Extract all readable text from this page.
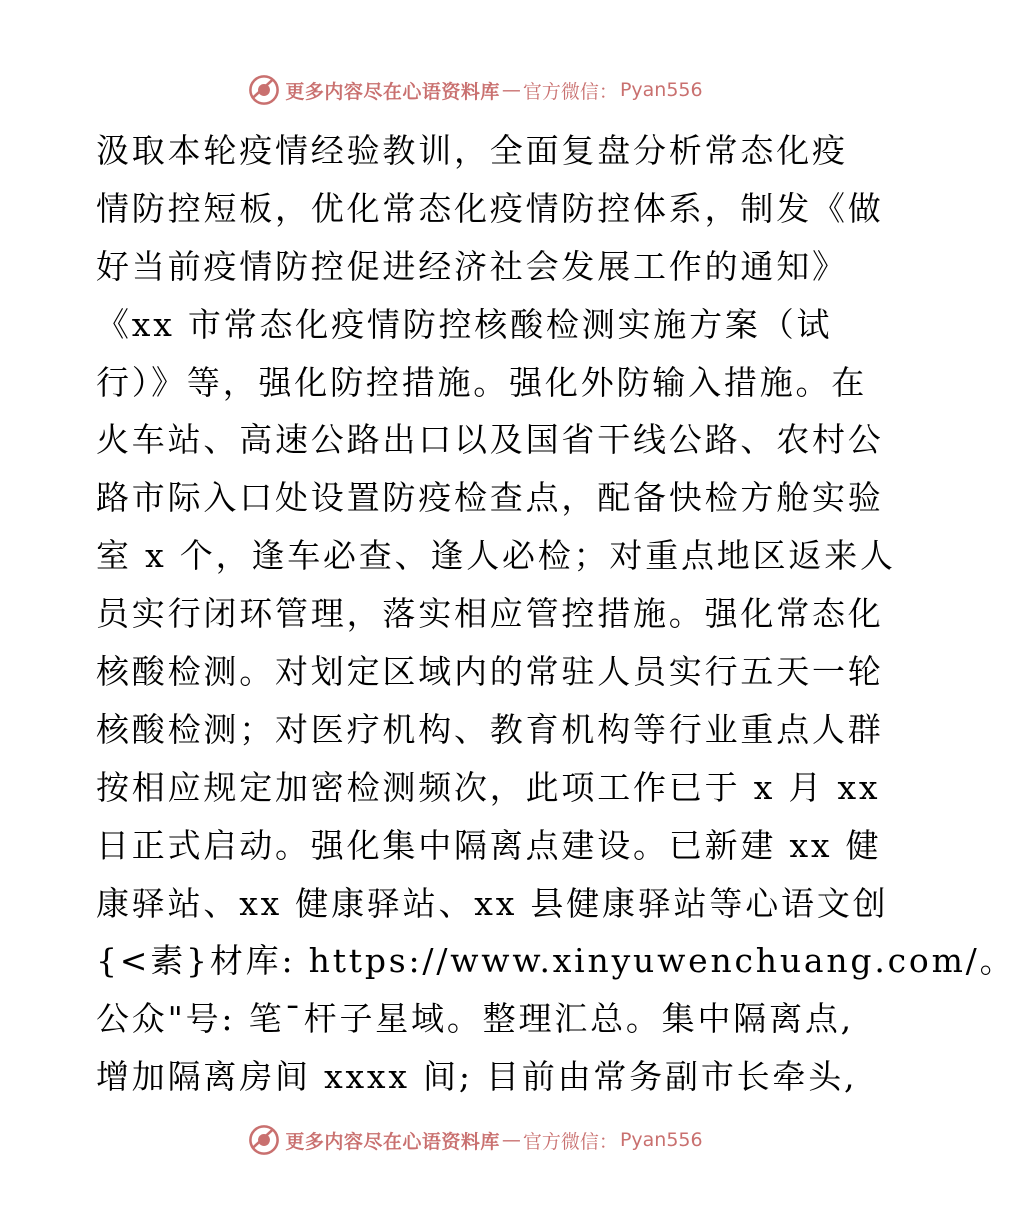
更多内容尽在心语资料库 — 官方微信： Pyan556
汲取本轮疫情经验教训，全面复盘分析常态化疫
情防控短板，优化常态化疫情防控体系，制发《做
好当前疫情防控促进经济社会发展工作的通知》
《xx 市常态化疫情防控核酸检测实施方案（试
行）》等，强化防控措施。强化外防输入措施。在
火车站、高速公路出口以及国省干线公路、农村公
路市际入口处设置防疫检查点，配备快检方舱实验
室 x 个，逢车必查、逢人必检；对重点地区返来人
员实行闭环管理，落实相应管控措施。强化常态化
核酸检测。对划定区域内的常驻人员实行五天一轮
核酸检测；对医疗机构、教育机构等行业重点人群
按相应规定加密检测频次，此项工作已于 x 月 xx
日正式启动。强化集中隔离点建设。已新建 xx 健
康驿站、xx 健康驿站、xx 县健康驿站等心语文创
{<素}材库: https://www.xinyuwenchuang.com/。
公众"号: 笔¯杆子星域。整理汇总。集中隔离点,
增加隔离房间 xxxx 间; 目前由常务副市长牵头,
更多内容尽在心语资料库 — 官方微信： Pyan556
